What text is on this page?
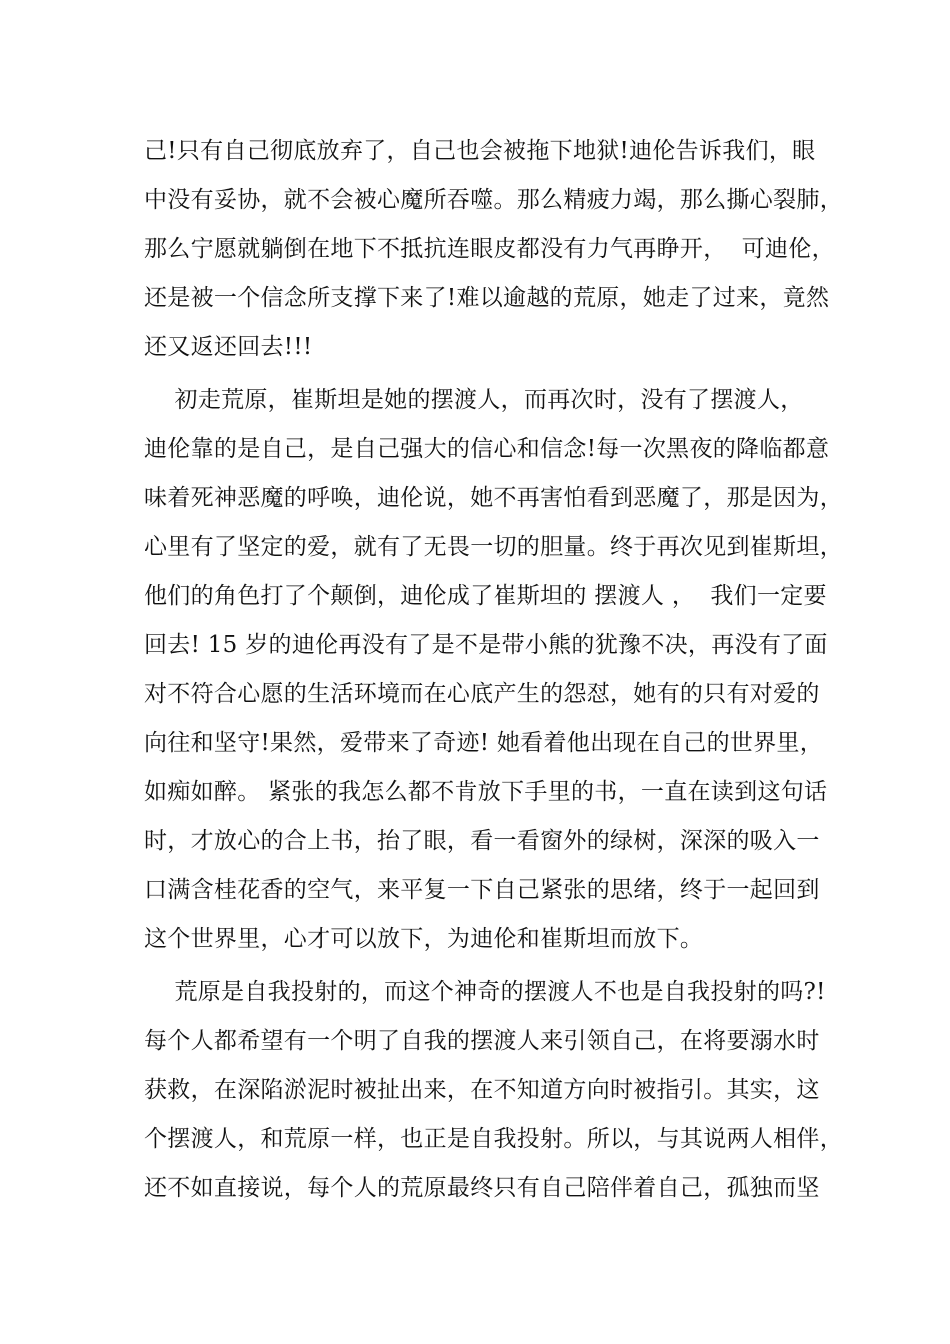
己!只有自己彻底放弃了，自己也会被拖下地狱!迪伦告诉我们，眼
中没有妥协，就不会被心魔所吞噬。那么精疲力竭，那么撕心裂肺，
那么宁愿就躺倒在地下不抵抗连眼皮都没有力气再睁开，  可迪伦，
还是被一个信念所支撑下来了!难以逾越的荒原，她走了过来，竟然
还又返还回去!!!
初走荒原，崔斯坦是她的摆渡人，而再次时，没有了摆渡人，
迪伦靠的是自己，是自己强大的信心和信念!每一次黑夜的降临都意
味着死神恶魔的呼唤，迪伦说，她不再害怕看到恶魔了，那是因为，
心里有了坚定的爱，就有了无畏一切的胆量。终于再次见到崔斯坦，
他们的角色打了个颠倒，迪伦成了崔斯坦的 摆渡人 ，  我们一定要
回去! 15 岁的迪伦再没有了是不是带小熊的犹豫不决，再没有了面
对不符合心愿的生活环境而在心底产生的怨怼，她有的只有对爱的
向往和坚守!果然，爱带来了奇迹! 她看着他出现在自己的世界里，
如痴如醉。 紧张的我怎么都不肯放下手里的书，一直在读到这句话
时，才放心的合上书，抬了眼，看一看窗外的绿树，深深的吸入一
口满含桂花香的空气，来平复一下自己紧张的思绪，终于一起回到
这个世界里，心才可以放下，为迪伦和崔斯坦而放下。
荒原是自我投射的，而这个神奇的摆渡人不也是自我投射的吗?!
每个人都希望有一个明了自我的摆渡人来引领自己，在将要溺水时
获救，在深陷淤泥时被扯出来，在不知道方向时被指引。其实，这
个摆渡人，和荒原一样，也正是自我投射。所以，与其说两人相伴，
还不如直接说，每个人的荒原最终只有自己陪伴着自己，孤独而坚
